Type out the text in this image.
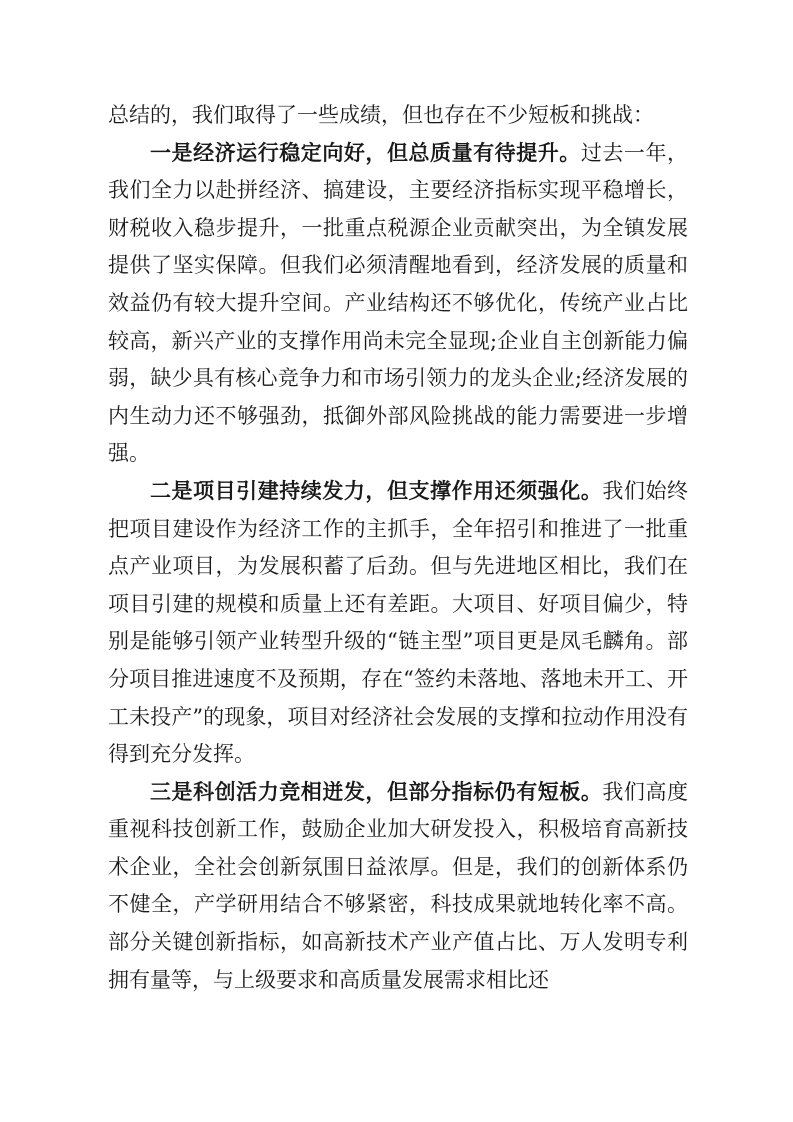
总结的，我们取得了一些成绩，但也存在不少短板和挑战：

一是经济运行稳定向好，但总质量有待提升。过去一年，我们全力以赴拼经济、搞建设，主要经济指标实现平稳增长，财税收入稳步提升，一批重点税源企业贡献突出，为全镇发展提供了坚实保障。但我们必须清醒地看到，经济发展的质量和效益仍有较大提升空间。产业结构还不够优化，传统产业占比较高，新兴产业的支撑作用尚未完全显现;企业自主创新能力偏弱，缺少具有核心竞争力和市场引领力的龙头企业;经济发展的内生动力还不够强劲，抵御外部风险挑战的能力需要进一步增强。

二是项目引建持续发力，但支撑作用还须强化。我们始终把项目建设作为经济工作的主抓手，全年招引和推进了一批重点产业项目，为发展积蓄了后劲。但与先进地区相比，我们在项目引建的规模和质量上还有差距。大项目、好项目偏少，特别是能够引领产业转型升级的“链主型”项目更是凤毛麟角。部分项目推进速度不及预期，存在“签约未落地、落地未开工、开工未投产”的现象，项目对经济社会发展的支撑和拉动作用没有得到充分发挥。

三是科创活力竞相迸发，但部分指标仍有短板。我们高度重视科技创新工作，鼓励企业加大研发投入，积极培育高新技术企业，全社会创新氛围日益浓厚。但是，我们的创新体系仍不健全，产学研用结合不够紧密，科技成果就地转化率不高。部分关键创新指标，如高新技术产业产值占比、万人发明专利拥有量等，与上级要求和高质量发展需求相比还
